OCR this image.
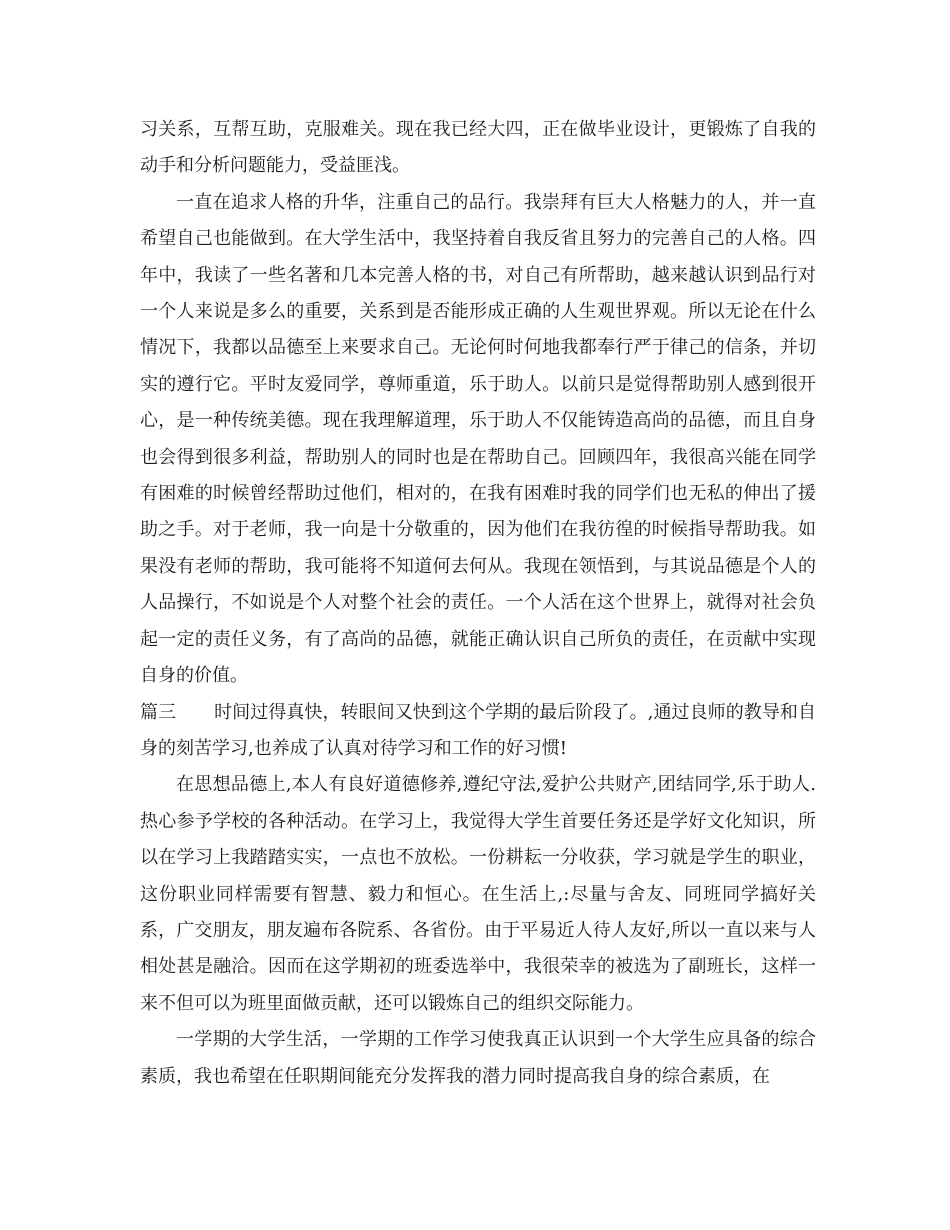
习关系，互帮互助，克服难关。现在我已经大四，正在做毕业设计，更锻炼了自我的动手和分析问题能力，受益匪浅。

一直在追求人格的升华，注重自己的品行。我崇拜有巨大人格魅力的人，并一直希望自己也能做到。在大学生活中，我坚持着自我反省且努力的完善自己的人格。四年中，我读了一些名著和几本完善人格的书，对自己有所帮助，越来越认识到品行对一个人来说是多么的重要，关系到是否能形成正确的人生观世界观。所以无论在什么情况下，我都以品德至上来要求自己。无论何时何地我都奉行严于律己的信条，并切实的遵行它。平时友爱同学，尊师重道，乐于助人。以前只是觉得帮助别人感到很开心，是一种传统美德。现在我理解道理，乐于助人不仅能铸造高尚的品德，而且自身也会得到很多利益，帮助别人的同时也是在帮助自己。回顾四年，我很高兴能在同学有困难的时候曾经帮助过他们，相对的，在我有困难时我的同学们也无私的伸出了援助之手。对于老师，我一向是十分敬重的，因为他们在我彷徨的时候指导帮助我。如果没有老师的帮助，我可能将不知道何去何从。我现在领悟到，与其说品德是个人的人品操行，不如说是个人对整个社会的责任。一个人活在这个世界上，就得对社会负起一定的责任义务，有了高尚的品德，就能正确认识自己所负的责任，在贡献中实现自身的价值。

篇三 时间过得真快，转眼间又快到这个学期的最后阶段了。,通过良师的教导和自身的刻苦学习,也养成了认真对待学习和工作的好习惯!

在思想品德上,本人有良好道德修养,遵纪守法,爱护公共财产,团结同学,乐于助人.热心参予学校的各种活动。在学习上，我觉得大学生首要任务还是学好文化知识，所以在学习上我踏踏实实，一点也不放松。一份耕耘一分收获，学习就是学生的职业，这份职业同样需要有智慧、毅力和恒心。在生活上,:尽量与舍友、同班同学搞好关系，广交朋友，朋友遍布各院系、各省份。由于平易近人待人友好,所以一直以来与人相处甚是融洽。因而在这学期初的班委选举中，我很荣幸的被选为了副班长，这样一来不但可以为班里面做贡献，还可以锻炼自己的组织交际能力。

一学期的大学生活，一学期的工作学习使我真正认识到一个大学生应具备的综合素质，我也希望在任职期间能充分发挥我的潜力同时提高我自身的综合素质，在
